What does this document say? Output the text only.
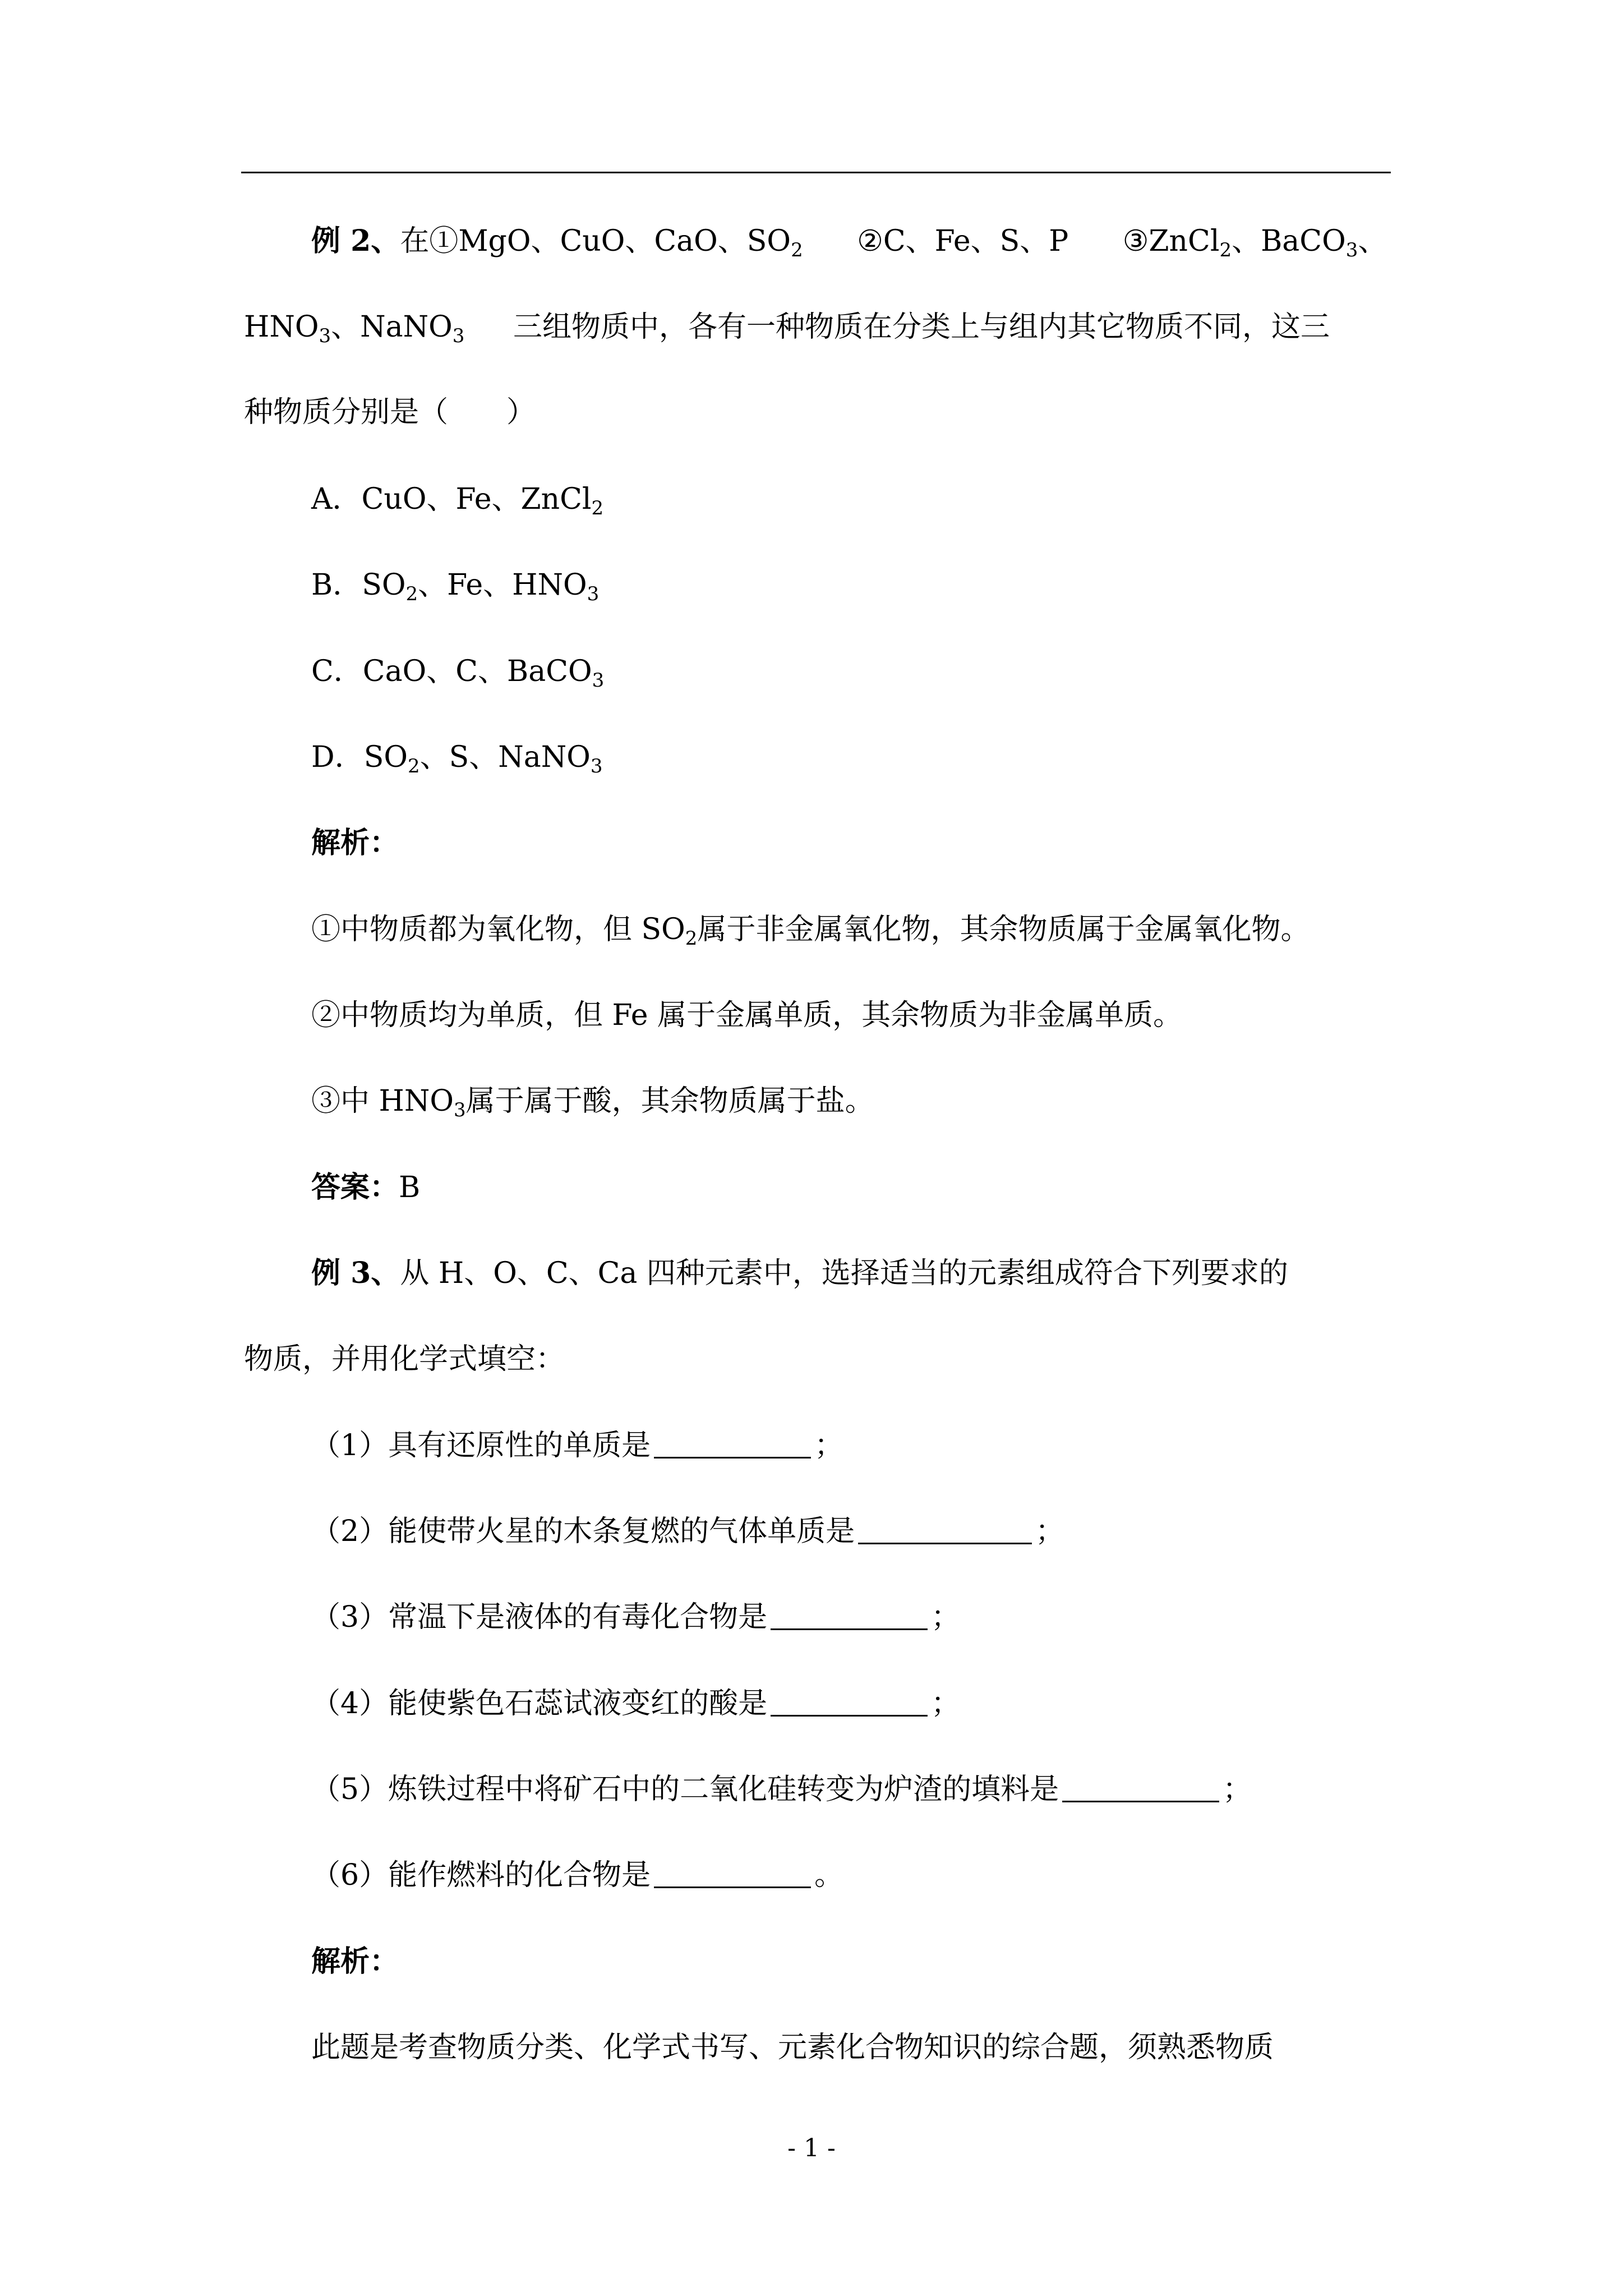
例 2、在①MgO、CuO、CaO、$SO_2$ ②C、Fe、S、P ③ZnCl$_2$、BaCO$_3$、
$HNO_3$、NaNO$_3$ 三组物质中，各有一种物质在分类上与组内其它物质不同，这三
种物质分别是（　　）
A．CuO、Fe、ZnCl$_2$
B．$SO_2$、Fe、$HNO_3$
C．CaO、C、BaCO$_3$
D．$SO_2$、S、NaNO$_3$
解析：
①中物质都为氧化物，但 $SO_2$属于非金属氧化物，其余物质属于金属氧化物。
②中物质均为单质，但 Fe 属于金属单质，其余物质为非金属单质。
③中 $HNO_3$属于属于酸，其余物质属于盐。
答案：B
例 3、从 H、O、C、Ca 四种元素中，选择适当的元素组成符合下列要求的
物质，并用化学式填空：
（1）具有还原性的单质是	；
（2）能使带火星的木条复燃的气体单质是	；
（3）常温下是液体的有毒化合物是	；
（4）能使紫色石蕊试液变红的酸是	；
（5）炼铁过程中将矿石中的二氧化硅转变为炉渣的填料是	；
（6）能作燃料的化合物是	。
解析：
此题是考查物质分类、化学式书写、元素化合物知识的综合题，须熟悉物质
- 1 -
